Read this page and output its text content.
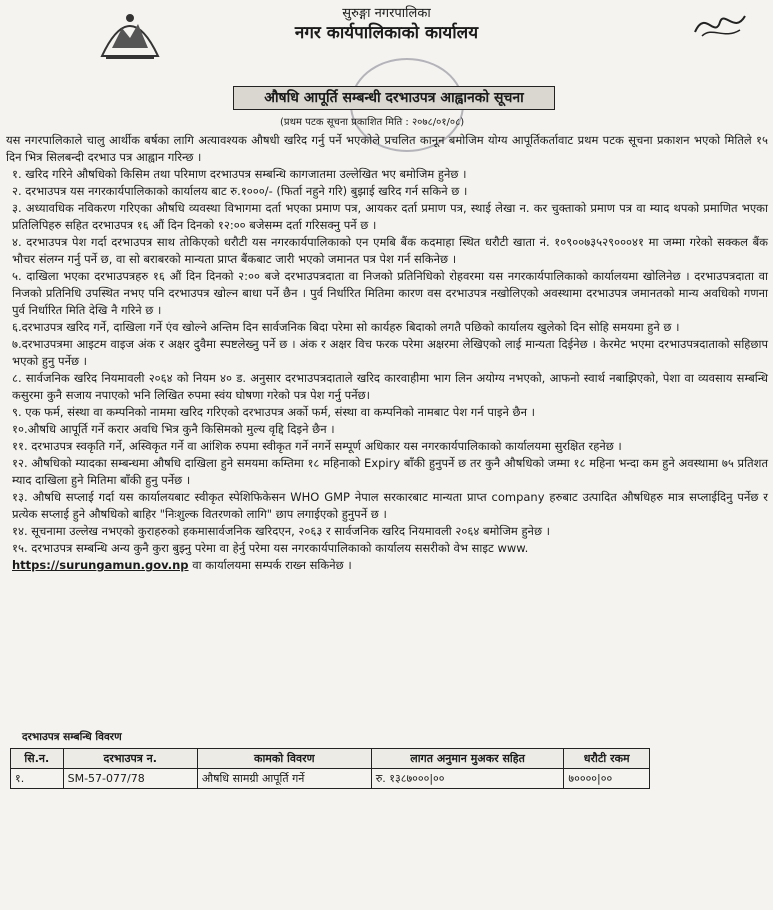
सुरुङ्गा नगरपालिका
नगर कार्यपालिकाको कार्यालय
औषधि आपूर्ति सम्बन्धी दरभाउपत्र आह्वानको सूचना
(प्रथम पटक सूचना प्रकाशित मिति : २०७८/०१/०८)

यस नगरपालिकाले चालु आर्थीक बर्षका लागि अत्यावश्यक औषधी खरिद गर्नु पर्ने भएकोले प्रचलित कानून बमोजिम योग्य आपूर्तिकर्तावाट प्रथम पटक सूचना प्रकाशन भएको मितिले १५ दिन भित्र सिलबन्दी दरभाउ पत्र आह्वान गरिन्छ ।

१. खरिद गरिने औषधिको किसिम तथा परिमाण दरभाउपत्र सम्बन्धि कागजातमा उल्लेखित भए बमोजिम हुनेछ ।

२. दरभाउपत्र यस नगरकार्यपालिकाको कार्यालय बाट रु.१०००/- (फिर्ता नहुने गरि) बुझाई खरिद गर्न सकिने छ ।

३. अध्यावधिक नविकरण गरिएका औषधि व्यवस्था विभागमा दर्ता भएका प्रमाण पत्र, आयकर दर्ता प्रमाण पत्र, स्थाई लेखा न. कर चुक्ताको प्रमाण पत्र वा म्याद थपको प्रमाणित भएका प्रतिलिपिहरु सहित दरभाउपत्र १६ औं दिन दिनको १२:०० बजेसम्म दर्ता गरिसक्नु पर्ने छ ।

४. दरभाउपत्र पेश गर्दा दरभाउपत्र साथ तोकिएको धरौटी यस नगरकार्यपालिकाको एन एमबि बैंक कदमाहा स्थित धरौटी खाता नं. १०९००७३५२९०००४१ मा जम्मा गरेको सक्कल बैंक भौचर संलग्न गर्नु पर्ने छ, वा सो बराबरको मान्यता प्राप्त बैंकबाट जारी भएको जमानत पत्र पेश गर्न सकिनेछ ।

५. दाखिला भएका दरभाउपत्रहरु १६ औं दिन दिनको २:०० बजे दरभाउपत्रदाता वा निजको प्रतिनिधिको रोहवरमा यस नगरकार्यपालिकाको कार्यालयमा खोलिनेछ । दरभाउपत्रदाता वा निजको प्रतिनिधि उपस्थित नभए पनि दरभाउपत्र खोल्न बाधा पर्ने छैन । पुर्व निर्धारित मितिमा कारण वस दरभाउपत्र नखोलिएको अवस्थामा दरभाउपत्र जमानतको मान्य अवधिको गणना पुर्व निर्धारित मिति देखि नै गरिने छ ।

६.दरभाउपत्र खरिद गर्ने, दाखिला गर्ने एंव खोल्ने अन्तिम दिन सार्वजनिक बिदा परेमा सो कार्यहरु बिदाको लगतै पछिको कार्यालय खुलेको दिन सोहि समयमा हुने छ ।

७.दरभाउपत्रमा आइटम वाइज अंक र अक्षर दुवैमा स्पष्टलेख्नु पर्ने छ । अंक र अक्षर विच फरक परेमा अक्षरमा लेखिएको लाई मान्यता दिईनेछ । केरमेट भएमा दरभाउपत्रदाताको सहिछाप भएको हुनु पर्नेछ ।

८. सार्वजनिक खरिद नियमावली २०६४ को नियम ४० ड. अनुसार दरभाउपत्रदाताले खरिद कारवाहीमा भाग लिन अयोग्य नभएको, आफनो स्वार्थ नबाझिएको, पेशा वा व्यवसाय सम्बन्धि कसुरमा कुनै सजाय नपाएको भनि लिखित रुपमा स्वंय घोषणा गरेको पत्र पेश गर्नु पर्नेछ।

९. एक फर्म, संस्था वा कम्पनिको नाममा खरिद गरिएको दरभाउपत्र अर्को फर्म, संस्था वा कम्पनिको नामबाट पेश गर्न पाइने छैन ।

१०.औषधि आपूर्ति गर्ने करार अवधि भित्र कुनै किसिमको मुल्य वृद्दि दिइने छैन ।

११. दरभाउपत्र स्वकृति गर्ने, अस्विकृत गर्ने वा आंशिक रुपमा स्वीकृत गर्ने नगर्ने सम्पूर्ण अधिकार यस नगरकार्यपालिकाको कार्यालयमा सुरक्षित रहनेछ ।

१२. औषधिको म्यादका सम्बन्धमा औषधि दाखिला हुने समयमा कम्तिमा १८ महिनाको Expiry बाँकी हुनुपर्ने छ तर कुनै औषधिको जम्मा १८ महिना भन्दा कम हुने अवस्थामा ७५ प्रतिशत म्याद दाखिला हुने मितिमा बाँकी हुनु पर्नेछ ।

१३. औषधि सप्लाई गर्दा यस कार्यालयबाट स्वीकृत स्पेशिफिकेसन WHO GMP नेपाल सरकारबाट मान्यता प्राप्त company हरुबाट उत्पादित औषधिहरु मात्र सप्लाईदिनु पर्नेछ र प्रत्येक सप्लाई हुने औषधिको बाहिर "निःशुल्क वितरणको लागि" छाप लगाईएको हुनुपर्ने छ ।

१४. सूचनामा उल्लेख नभएको कुराहरुको हकमासार्वजनिक खरिदएन, २०६३ र सार्वजनिक खरिद नियमावली २०६४ बमोजिम हुनेछ ।

१५. दरभाउपत्र सम्बन्धि अन्य कुनै कुरा बुझ्नु परेमा वा हेर्नु परेमा यस नगरकार्यपालिकाको कार्यालय ससरीको वेभ साइट www.

https://surungamun.gov.np वा कार्यालयमा सम्पर्क राख्न सकिनेछ ।

दरभाउपत्र सम्बन्धि विवरण
सि.न.	दरभाउपत्र न.	कामको विवरण	लागत अनुमान मुअकर सहित	धरौटी रकम
१.	SM-57-077/78	औषधि सामग्री आपूर्ति गर्ने	रु. १३८७०००|००	७००००|००
